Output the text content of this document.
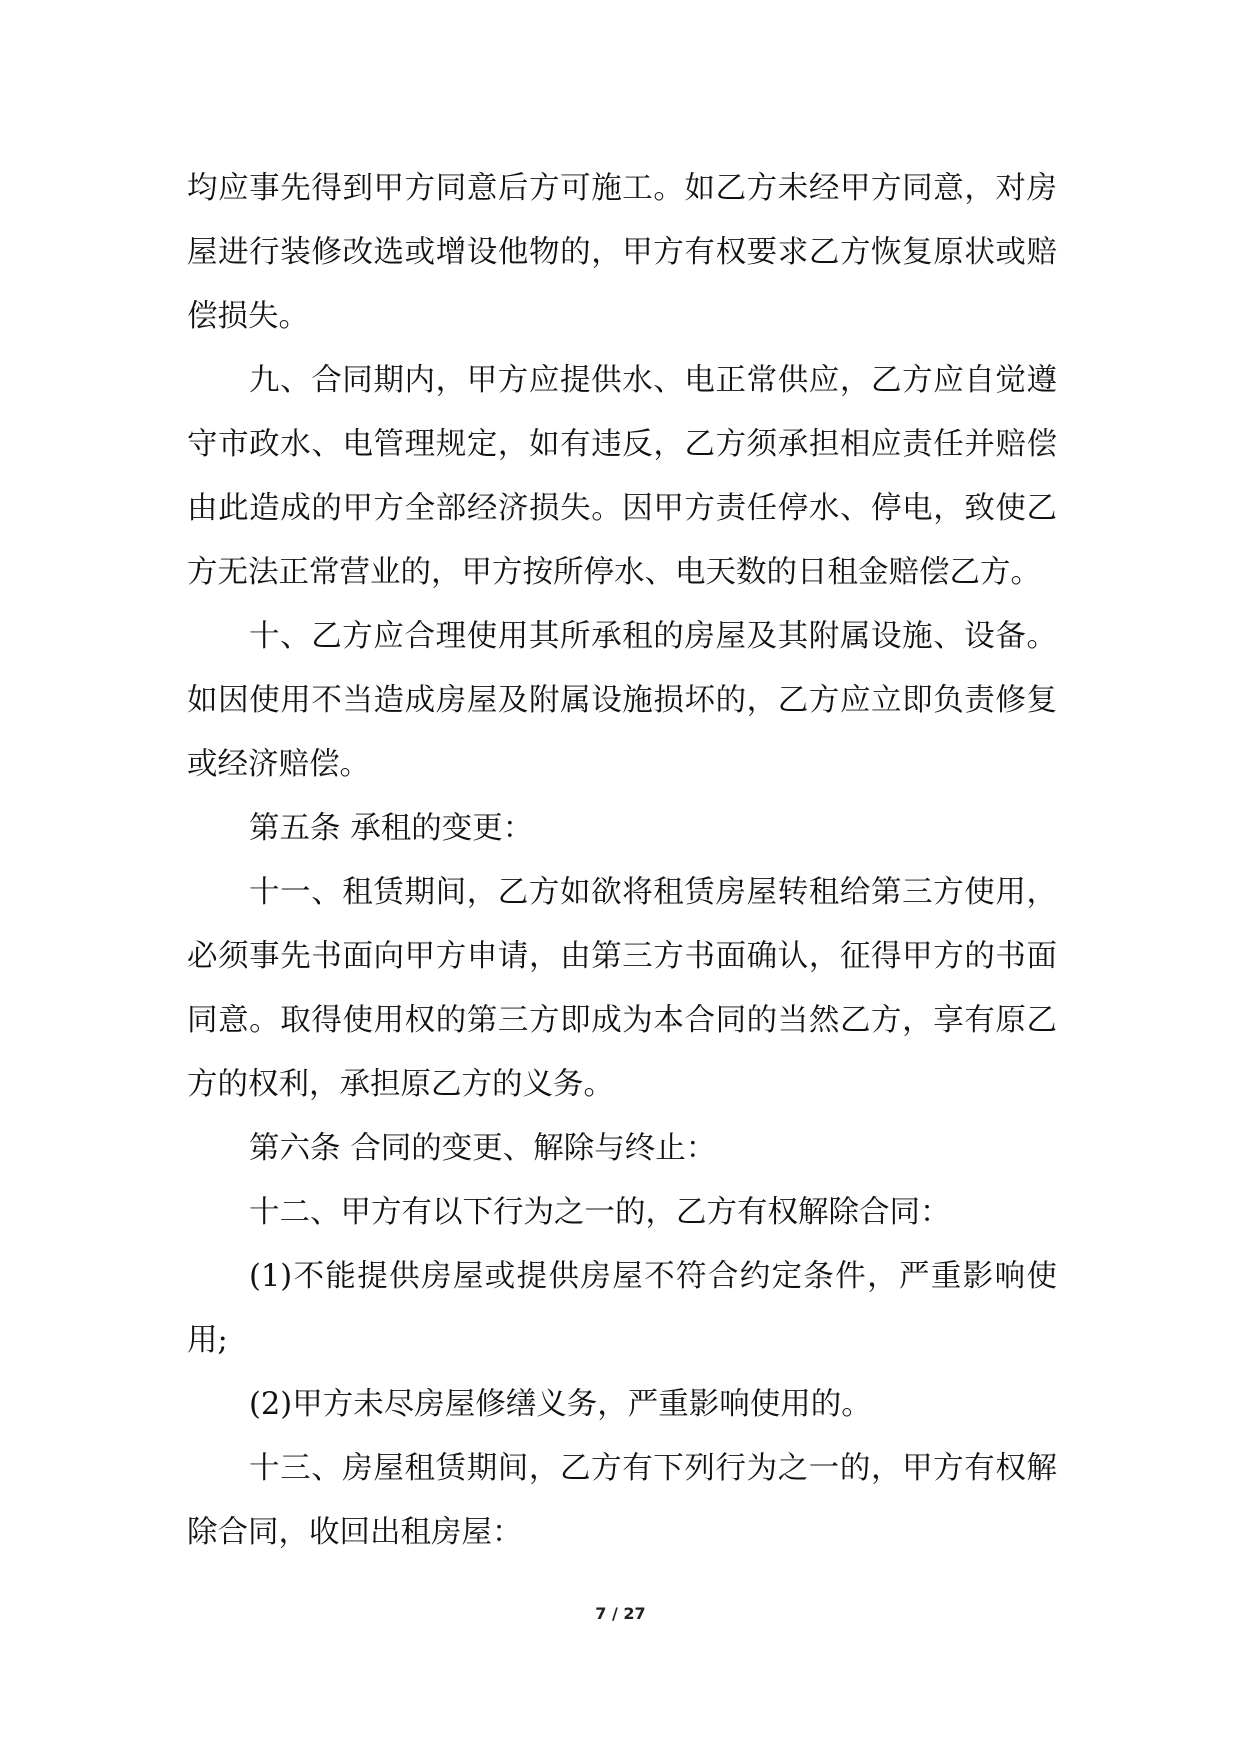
均应事先得到甲方同意后方可施工。如乙方未经甲方同意，对房屋进行装修改选或增设他物的，甲方有权要求乙方恢复原状或赔偿损失。

九、合同期内，甲方应提供水、电正常供应，乙方应自觉遵守市政水、电管理规定，如有违反，乙方须承担相应责任并赔偿由此造成的甲方全部经济损失。因甲方责任停水、停电，致使乙方无法正常营业的，甲方按所停水、电天数的日租金赔偿乙方。

十、乙方应合理使用其所承租的房屋及其附属设施、设备。如因使用不当造成房屋及附属设施损坏的，乙方应立即负责修复或经济赔偿。

第五条 承租的变更：

十一、租赁期间，乙方如欲将租赁房屋转租给第三方使用，必须事先书面向甲方申请，由第三方书面确认，征得甲方的书面同意。取得使用权的第三方即成为本合同的当然乙方，享有原乙方的权利，承担原乙方的义务。

第六条 合同的变更、解除与终止：

十二、甲方有以下行为之一的，乙方有权解除合同：

(1)不能提供房屋或提供房屋不符合约定条件，严重影响使用;

(2)甲方未尽房屋修缮义务，严重影响使用的。

十三、房屋租赁期间，乙方有下列行为之一的，甲方有权解除合同，收回出租房屋：

7 / 27
